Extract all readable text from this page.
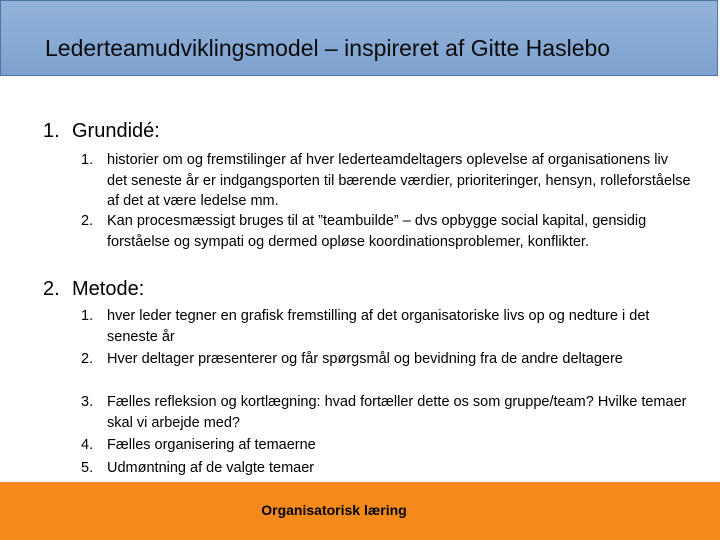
Lederteamudviklingsmodel – inspireret af Gitte Haslebo
1. Grundidé:
1. historier om og fremstilinger af hver lederteamdeltagers oplevelse af organisationens liv det seneste år er indgangsporten til bærende værdier, prioriteringer, hensyn, rolleforståelse af det at være ledelse mm.
2. Kan procesmæssigt bruges til at ”teambuilde” – dvs opbygge social kapital, gensidig forståelse og sympati og dermed opløse koordinationsproblemer, konflikter.
2. Metode:
1. hver leder tegner en grafisk fremstilling af det organisatoriske livs op og nedture i det seneste år
2. Hver deltager præsenterer og får spørgsmål og bevidning fra de andre deltagere
3. Fælles refleksion og kortlægning: hvad fortæller dette os som gruppe/team? Hvilke temaer skal vi arbejde med?
4. Fælles organisering af temaerne
5. Udmøntning af de valgte temaer
Organisatorisk læring
